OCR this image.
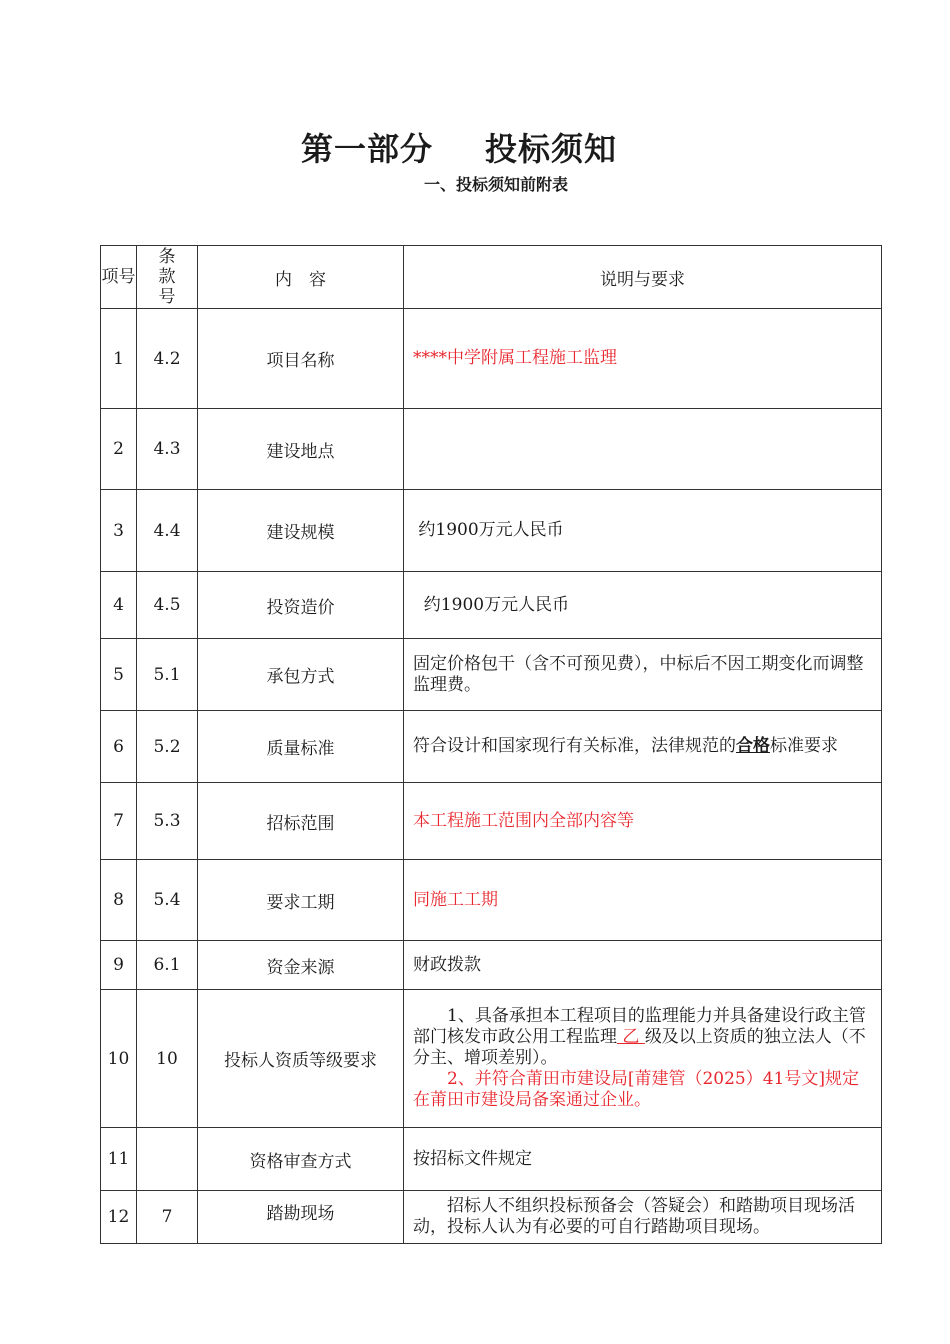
第一部分 投标须知
一、投标须知前附表
项号	条款号	内　容	说明与要求
1	4.2	项目名称	****中学附属工程施工监理
2	4.3	建设地点	
3	4.4	建设规模	约1900万元人民币
4	4.5	投资造价	约1900万元人民币
5	5.1	承包方式	固定价格包干（含不可预见费），中标后不因工期变化而调整监理费。
6	5.2	质量标准	符合设计和国家现行有关标准，法律规范的合格标准要求
7	5.3	招标范围	本工程施工范围内全部内容等
8	5.4	要求工期	同施工工期
9	6.1	资金来源	财政拨款
10	10	投标人资质等级要求	1、具备承担本工程项目的监理能力并具备建设行政主管部门核发市政公用工程监理 乙 级及以上资质的独立法人（不分主、增项差别）。
2、并符合莆田市建设局[莆建管（2025）41号文]规定在莆田市建设局备案通过企业。

11		资格审查方式	按招标文件规定
12	7	踏勘现场	招标人不组织投标预备会（答疑会）和踏勘项目现场活动，投标人认为有必要的可自行踏勘项目现场。
